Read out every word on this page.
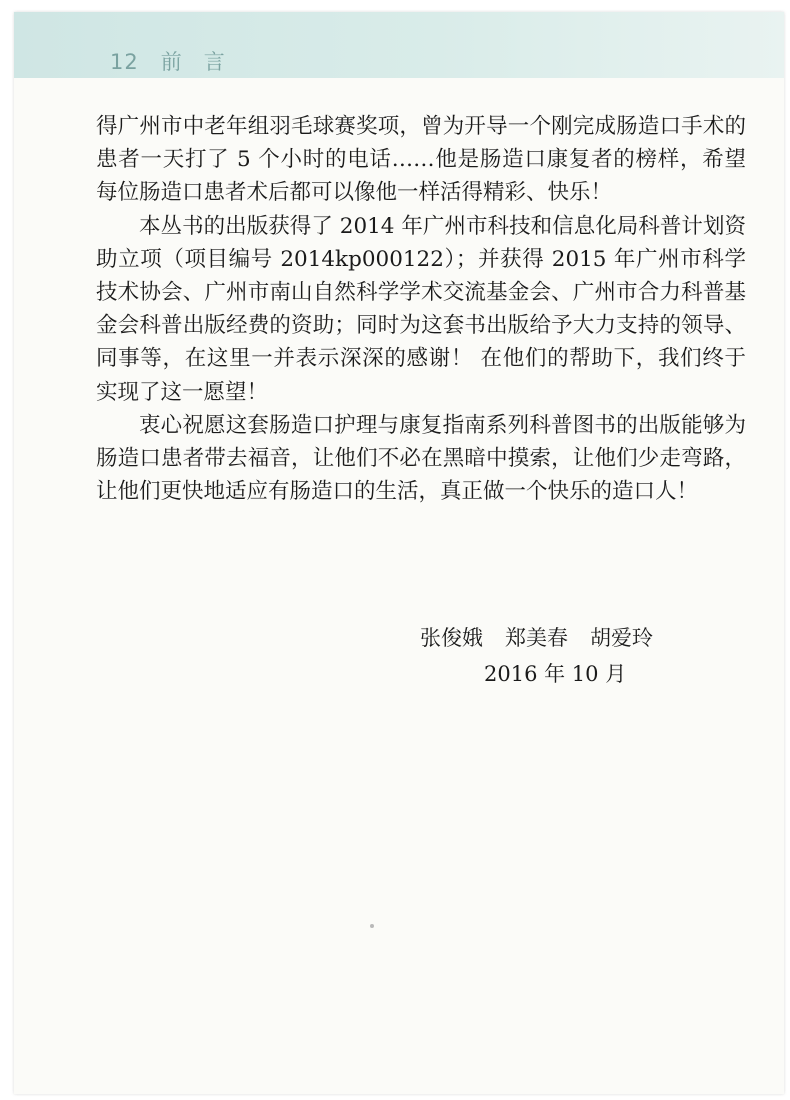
12 前言

得广州市中老年组羽毛球赛奖项，曾为开导一个刚完成肠造口手术的患者一天打了 5 个小时的电话……他是肠造口康复者的榜样，希望每位肠造口患者术后都可以像他一样活得精彩、快乐！

本丛书的出版获得了 2014 年广州市科技和信息化局科普计划资助立项（项目编号 2014kp000122）；并获得 2015 年广州市科学技术协会、广州市南山自然科学学术交流基金会、广州市合力科普基金会科普出版经费的资助；同时为这套书出版给予大力支持的领导、同事等，在这里一并表示深深的感谢！ 在他们的帮助下，我们终于实现了这一愿望！

衷心祝愿这套肠造口护理与康复指南系列科普图书的出版能够为肠造口患者带去福音，让他们不必在黑暗中摸索，让他们少走弯路，让他们更快地适应有肠造口的生活，真正做一个快乐的造口人！

张俊娥 郑美春 胡爱玲
2016 年 10 月
